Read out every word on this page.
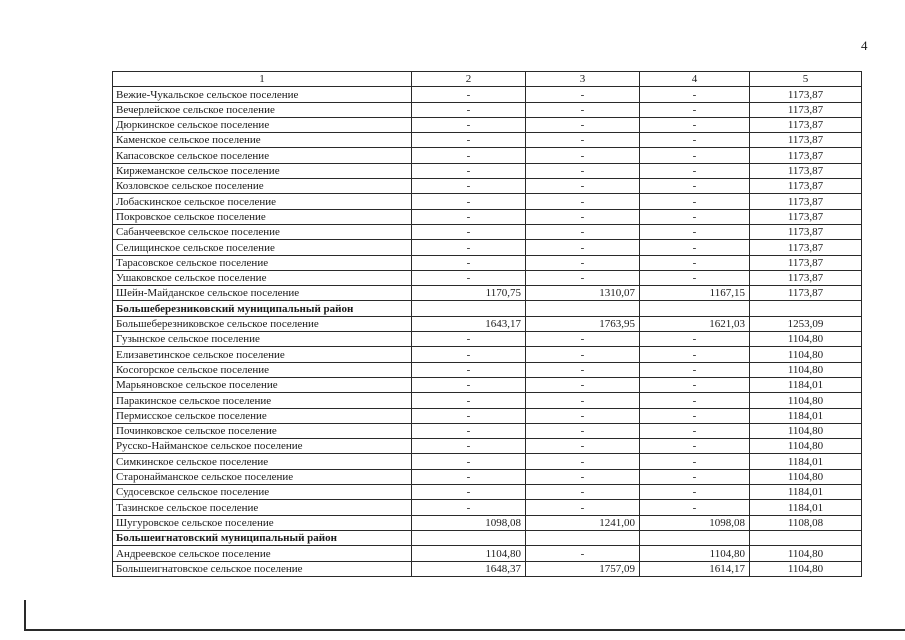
4
1	2	3	4	5
Вежие-Чукальское сельское поселение	-	-	-	1173,87
Вечерлейское сельское поселение	-	-	-	1173,87
Дюркинское сельское поселение	-	-	-	1173,87
Каменское сельское поселение	-	-	-	1173,87
Капасовское сельское поселение	-	-	-	1173,87
Киржеманское сельское поселение	-	-	-	1173,87
Козловское сельское поселение	-	-	-	1173,87
Лобаскинское сельское поселение	-	-	-	1173,87
Покровское сельское поселение	-	-	-	1173,87
Сабанчеевское сельское поселение	-	-	-	1173,87
Селищинское сельское поселение	-	-	-	1173,87
Тарасовское сельское поселение	-	-	-	1173,87
Ушаковское сельское поселение	-	-	-	1173,87
Шейн-Майданское сельское поселение	1170,75	1310,07	1167,15	1173,87
Большеберезниковский муниципальный район				
Большеберезниковское сельское поселение	1643,17	1763,95	1621,03	1253,09
Гузынское сельское поселение	-	-	-	1104,80
Елизаветинское сельское поселение	-	-	-	1104,80
Косогорское сельское поселение	-	-	-	1104,80
Марьяновское сельское поселение	-	-	-	1184,01
Паракинское сельское поселение	-	-	-	1104,80
Пермисское сельское поселение	-	-	-	1184,01
Починковское сельское поселение	-	-	-	1104,80
Русско-Найманское сельское поселение	-	-	-	1104,80
Симкинское сельское поселение	-	-	-	1184,01
Старонайманское сельское поселение	-	-	-	1104,80
Судосевское сельское поселение	-	-	-	1184,01
Тазинское сельское поселение	-	-	-	1184,01
Шугуровское сельское поселение	1098,08	1241,00	1098,08	1108,08
Большеигнатовский муниципальный район				
Андреевское сельское поселение	1104,80	-	1104,80	1104,80
Большеигнатовское сельское поселение	1648,37	1757,09	1614,17	1104,80
